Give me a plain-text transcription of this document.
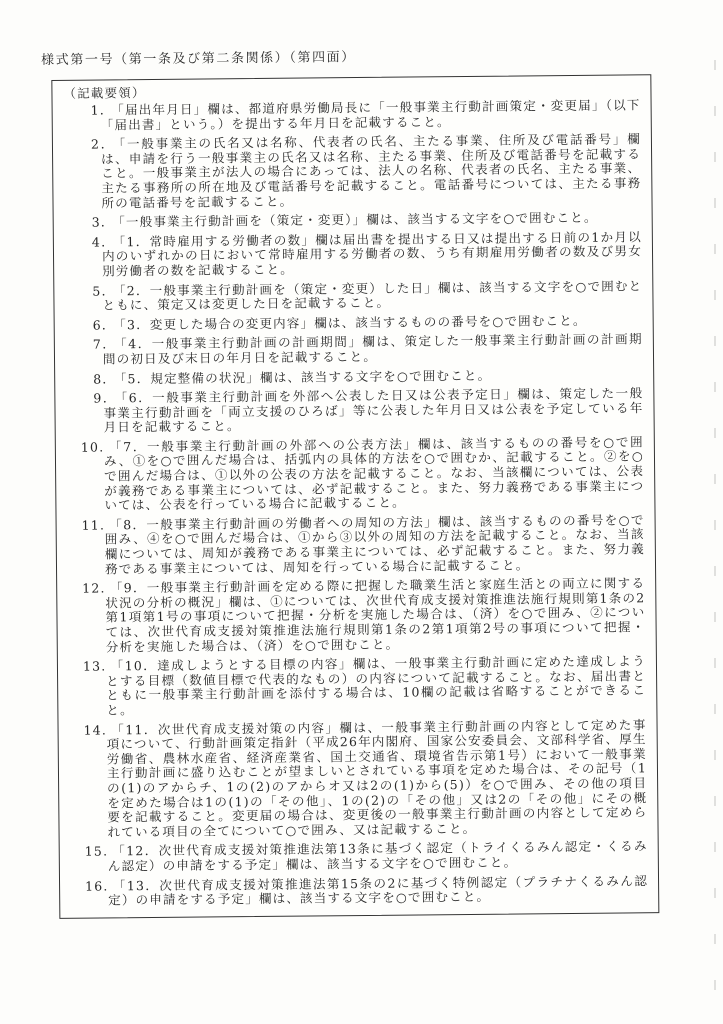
様式第一号（第一条及び第二条関係）（第四面）
（記載要領）
1． 「届出年月日」欄は、都道府県労働局長に「一般事業主行動計画策定・変更届」（以下「届出書」という。）を提出する年月日を記載すること。
2． 「一般事業主の氏名又は名称、代表者の氏名、主たる事業、住所及び電話番号」欄は、申請を行う一般事業主の氏名又は名称、主たる事業、住所及び電話番号を記載すること。一般事業主が法人の場合にあっては、法人の名称、代表者の氏名、主たる事業、主たる事務所の所在地及び電話番号を記載すること。電話番号については、主たる事務所の電話番号を記載すること。
3． 「一般事業主行動計画を（策定・変更）」欄は、該当する文字を○で囲むこと。
4． 「1．常時雇用する労働者の数」欄は届出書を提出する日又は提出する日前の1か月以内のいずれかの日において常時雇用する労働者の数、うち有期雇用労働者の数及び男女別労働者の数を記載すること。
5． 「2．一般事業主行動計画を（策定・変更）した日」欄は、該当する文字を○で囲むとともに、策定又は変更した日を記載すること。
6． 「3．変更した場合の変更内容」欄は、該当するものの番号を○で囲むこと。
7． 「4．一般事業主行動計画の計画期間」欄は、策定した一般事業主行動計画の計画期間の初日及び末日の年月日を記載すること。
8． 「5．規定整備の状況」欄は、該当する文字を○で囲むこと。
9． 「6．一般事業主行動計画を外部へ公表した日又は公表予定日」欄は、策定した一般事業主行動計画を「両立支援のひろば」等に公表した年月日又は公表を予定している年月日を記載すること。
10. 「7．一般事業主行動計画の外部への公表方法」欄は、該当するものの番号を○で囲み、①を○で囲んだ場合は、括弧内の具体的方法を○で囲むか、記載すること。②を○で囲んだ場合は、①以外の公表の方法を記載すること。なお、当該欄については、公表が義務である事業主については、必ず記載すること。また、努力義務である事業主については、公表を行っている場合に記載すること。
11. 「8．一般事業主行動計画の労働者への周知の方法」欄は、該当するものの番号を○で囲み、④を○で囲んだ場合は、①から③以外の周知の方法を記載すること。なお、当該欄については、周知が義務である事業主については、必ず記載すること。また、努力義務である事業主については、周知を行っている場合に記載すること。
12. 「9．一般事業主行動計画を定める際に把握した職業生活と家庭生活との両立に関する状況の分析の概況」欄は、①については、次世代育成支援対策推進法施行規則第1条の2第1項第1号の事項について把握・分析を実施した場合は、（済）を○で囲み、②については、次世代育成支援対策推進法施行規則第1条の2第1項第2号の事項について把握・分析を実施した場合は、（済）を○で囲むこと。
13. 「10．達成しようとする目標の内容」欄は、一般事業主行動計画に定めた達成しようとする目標（数値目標で代表的なもの）の内容について記載すること。なお、届出書とともに一般事業主行動計画を添付する場合は、10欄の記載は省略することができること。
14. 「11．次世代育成支援対策の内容」欄は、一般事業主行動計画の内容として定めた事項について、行動計画策定指針（平成26年内閣府、国家公安委員会、文部科学省、厚生労働省、農林水産省、経済産業省、国土交通省、環境省告示第1号）において一般事業主行動計画に盛り込むことが望ましいとされている事項を定めた場合は、その記号（1の(1)のアからチ、1の(2)のアからオ又は2の(1)から(5)）を○で囲み、その他の項目を定めた場合は1の(1)の「その他」、1の(2)の「その他」又は2の「その他」にその概要を記載すること。変更届の場合は、変更後の一般事業主行動計画の内容として定められている項目の全てについて○で囲み、又は記載すること。
15. 「12．次世代育成支援対策推進法第13条に基づく認定（トライくるみん認定・くるみん認定）の申請をする予定」欄は、該当する文字を○で囲むこと。
16. 「13．次世代育成支援対策推進法第15条の2に基づく特例認定（プラチナくるみん認定）の申請をする予定」欄は、該当する文字を○で囲むこと。
